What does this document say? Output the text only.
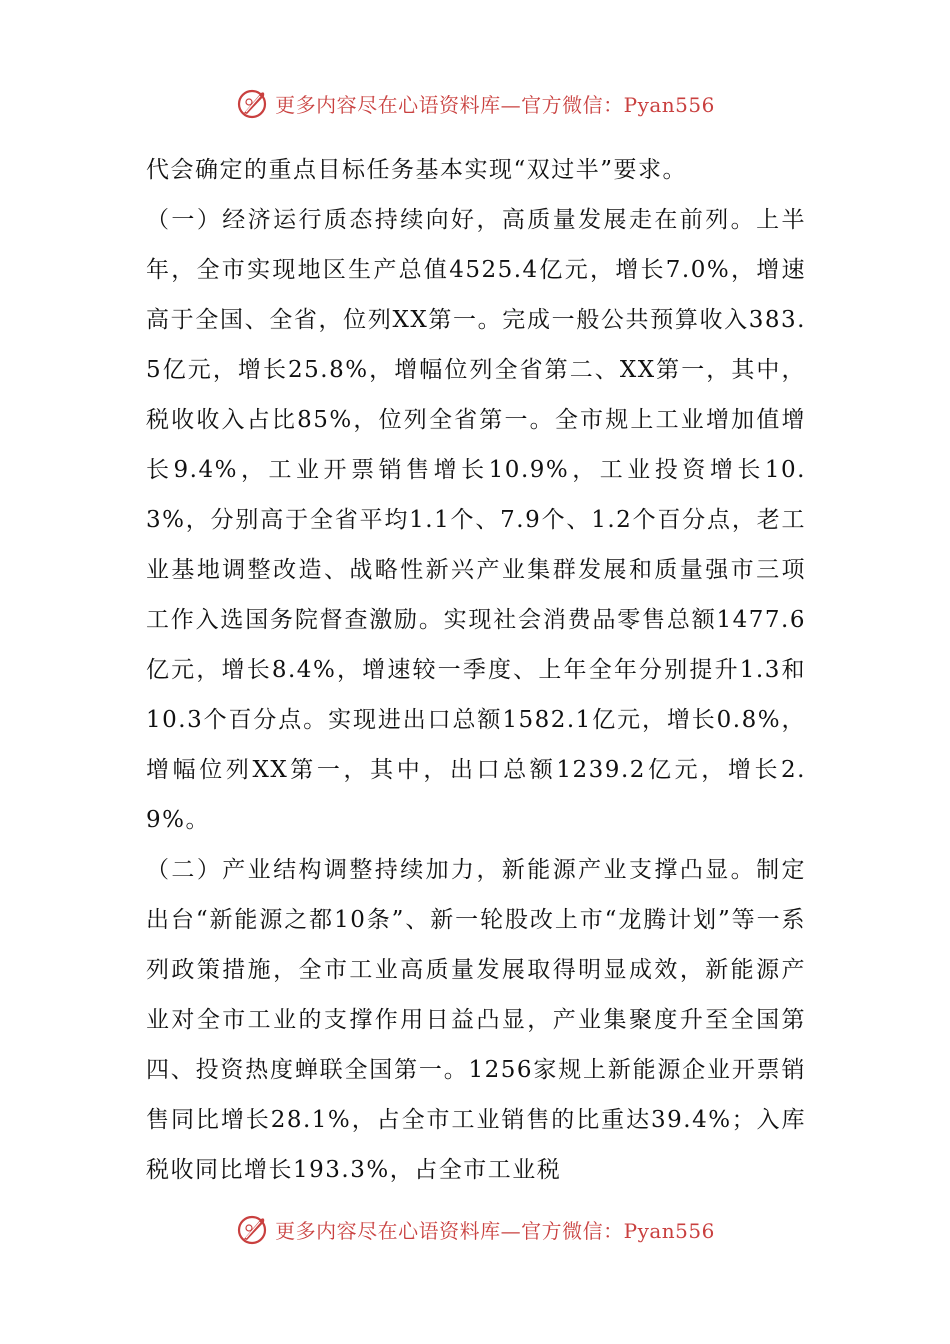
更多内容尽在心语资料库—官方微信：Pyan556

代会确定的重点目标任务基本实现“双过半”要求。

（一）经济运行质态持续向好，高质量发展走在前列。上半年，全市实现地区生产总值4525.4亿元，增长7.0%，增速高于全国、全省，位列XX第一。完成一般公共预算收入383.5亿元，增长25.8%，增幅位列全省第二、XX第一，其中，税收收入占比85%，位列全省第一。全市规上工业增加值增长9.4%，工业开票销售增长10.9%，工业投资增长10.3%，分别高于全省平均1.1个、7.9个、1.2个百分点，老工业基地调整改造、战略性新兴产业集群发展和质量强市三项工作入选国务院督查激励。实现社会消费品零售总额1477.6亿元，增长8.4%，增速较一季度、上年全年分别提升1.3和10.3个百分点。实现进出口总额1582.1亿元，增长0.8%，增幅位列XX第一，其中，出口总额1239.2亿元，增长2.9%。

（二）产业结构调整持续加力，新能源产业支撑凸显。制定出台“新能源之都10条”、新一轮股改上市“龙腾计划”等一系列政策措施，全市工业高质量发展取得明显成效，新能源产业对全市工业的支撑作用日益凸显，产业集聚度升至全国第四、投资热度蝉联全国第一。1256家规上新能源企业开票销售同比增长28.1%，占全市工业销售的比重达39.4%；入库税收同比增长193.3%，占全市工业税

更多内容尽在心语资料库—官方微信：Pyan556
